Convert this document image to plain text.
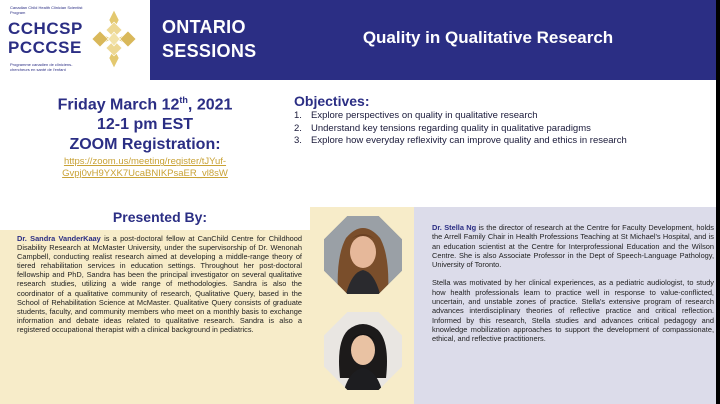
Canadian Child Health Clinician Scientist Program
CCHCSP
PCCCSE
Programme canadien de cliniciens-chercheurs en santé de l'enfant
ONTARIO
SESSIONS
Quality in Qualitative Research
Friday March 12th, 2021
12-1 pm EST
ZOOM Registration:
https://zoom.us/meeting/register/tJYuf-
Gvpj0vH9YXK7UcaBNIKPsaER_vl8sW
Objectives:
1. Explore perspectives on quality in qualitative research
2. Understand key tensions regarding quality in qualitative paradigms
3. Explore how everyday reflexivity can improve quality and ethics in research
Presented By:
Dr. Sandra VanderKaay is a post-doctoral fellow at CanChild Centre for Childhood Disability Research at McMaster University, under the supervisorship of Dr. Wenonah Campbell, conducting realist research aimed at developing a middle-range theory of tiered rehabilitation services in education settings. Throughout her post-doctoral fellowship and PhD, Sandra has been the principal investigator on several qualitative research studies, utilizing a wide range of methodologies. Sandra is also the coordinator of a qualitative community of research, Qualitative Query, based in the School of Rehabilitation Science at McMaster. Qualitative Query consists of graduate students, faculty, and community members who meet on a monthly basis to exchange information and debate ideas related to qualitative research. Sandra is also a registered occupational therapist with a clinical background in pediatrics.

Dr. Stella Ng is the director of research at the Centre for Faculty Development, holds the Arrell Family Chair in Health Professions Teaching at St Michael's Hospital, and is an education scientist at the Centre for Interprofessional Education and the Wilson Centre. She is also Associate Professor in the Dept of Speech-Language Pathology, University of Toronto.

Stella was motivated by her clinical experiences, as a pediatric audiologist, to study how health professionals learn to practice well in response to value-conflicted, uncertain, and unstable zones of practice. Stella's extensive program of research advances interdisciplinary theories of reflective practice and critical reflection. Informed by this research, Stella studies and advances critical pedagogy and knowledge mobilization approaches to support the development of compassionate, ethical, and reflective practitioners.
